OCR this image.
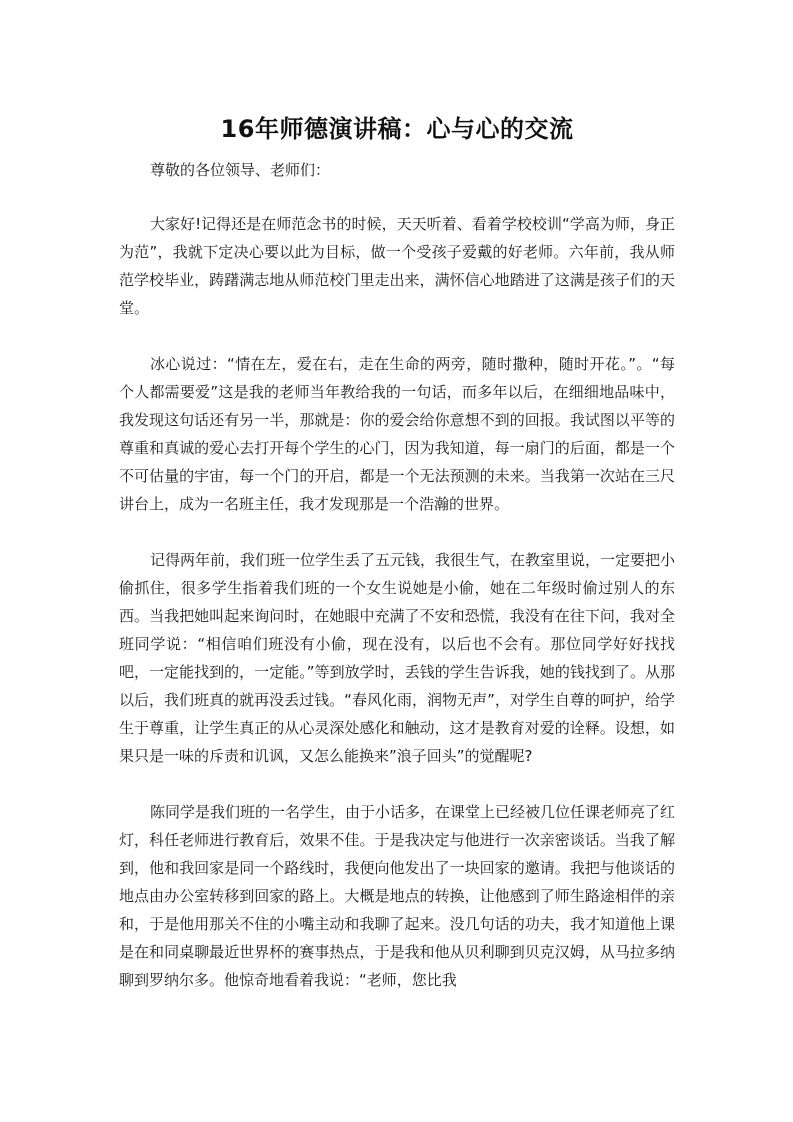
16年师德演讲稿：心与心的交流

尊敬的各位领导、老师们：

大家好!记得还是在师范念书的时候，天天听着、看着学校校训“学高为师，身正为范”，我就下定决心要以此为目标，做一个受孩子爱戴的好老师。六年前，我从师范学校毕业，踌躇满志地从师范校门里走出来，满怀信心地踏进了这满是孩子们的天堂。

冰心说过：“情在左，爱在右，走在生命的两旁，随时撒种，随时开花。”。“每个人都需要爱”这是我的老师当年教给我的一句话，而多年以后，在细细地品味中，我发现这句话还有另一半，那就是：你的爱会给你意想不到的回报。我试图以平等的尊重和真诚的爱心去打开每个学生的心门，因为我知道，每一扇门的后面，都是一个不可估量的宇宙，每一个门的开启，都是一个无法预测的未来。当我第一次站在三尺讲台上，成为一名班主任，我才发现那是一个浩瀚的世界。

记得两年前，我们班一位学生丢了五元钱，我很生气，在教室里说，一定要把小偷抓住，很多学生指着我们班的一个女生说她是小偷，她在二年级时偷过别人的东西。当我把她叫起来询问时，在她眼中充满了不安和恐慌，我没有在往下问，我对全班同学说：“相信咱们班没有小偷，现在没有，以后也不会有。那位同学好好找找吧，一定能找到的，一定能。”等到放学时，丢钱的学生告诉我，她的钱找到了。从那以后，我们班真的就再没丢过钱。“春风化雨，润物无声”，对学生自尊的呵护，给学生于尊重，让学生真正的从心灵深处感化和触动，这才是教育对爱的诠释。设想，如果只是一味的斥责和讥讽，又怎么能换来”浪子回头”的觉醒呢?

陈同学是我们班的一名学生，由于小话多，在课堂上已经被几位任课老师亮了红灯，科任老师进行教育后，效果不佳。于是我决定与他进行一次亲密谈话。当我了解到，他和我回家是同一个路线时，我便向他发出了一块回家的邀请。我把与他谈话的地点由办公室转移到回家的路上。大概是地点的转换，让他感到了师生路途相伴的亲和，于是他用那关不住的小嘴主动和我聊了起来。没几句话的功夫，我才知道他上课是在和同桌聊最近世界杯的赛事热点，于是我和他从贝利聊到贝克汉姆，从马拉多纳聊到罗纳尔多。他惊奇地看着我说：“老师，您比我
